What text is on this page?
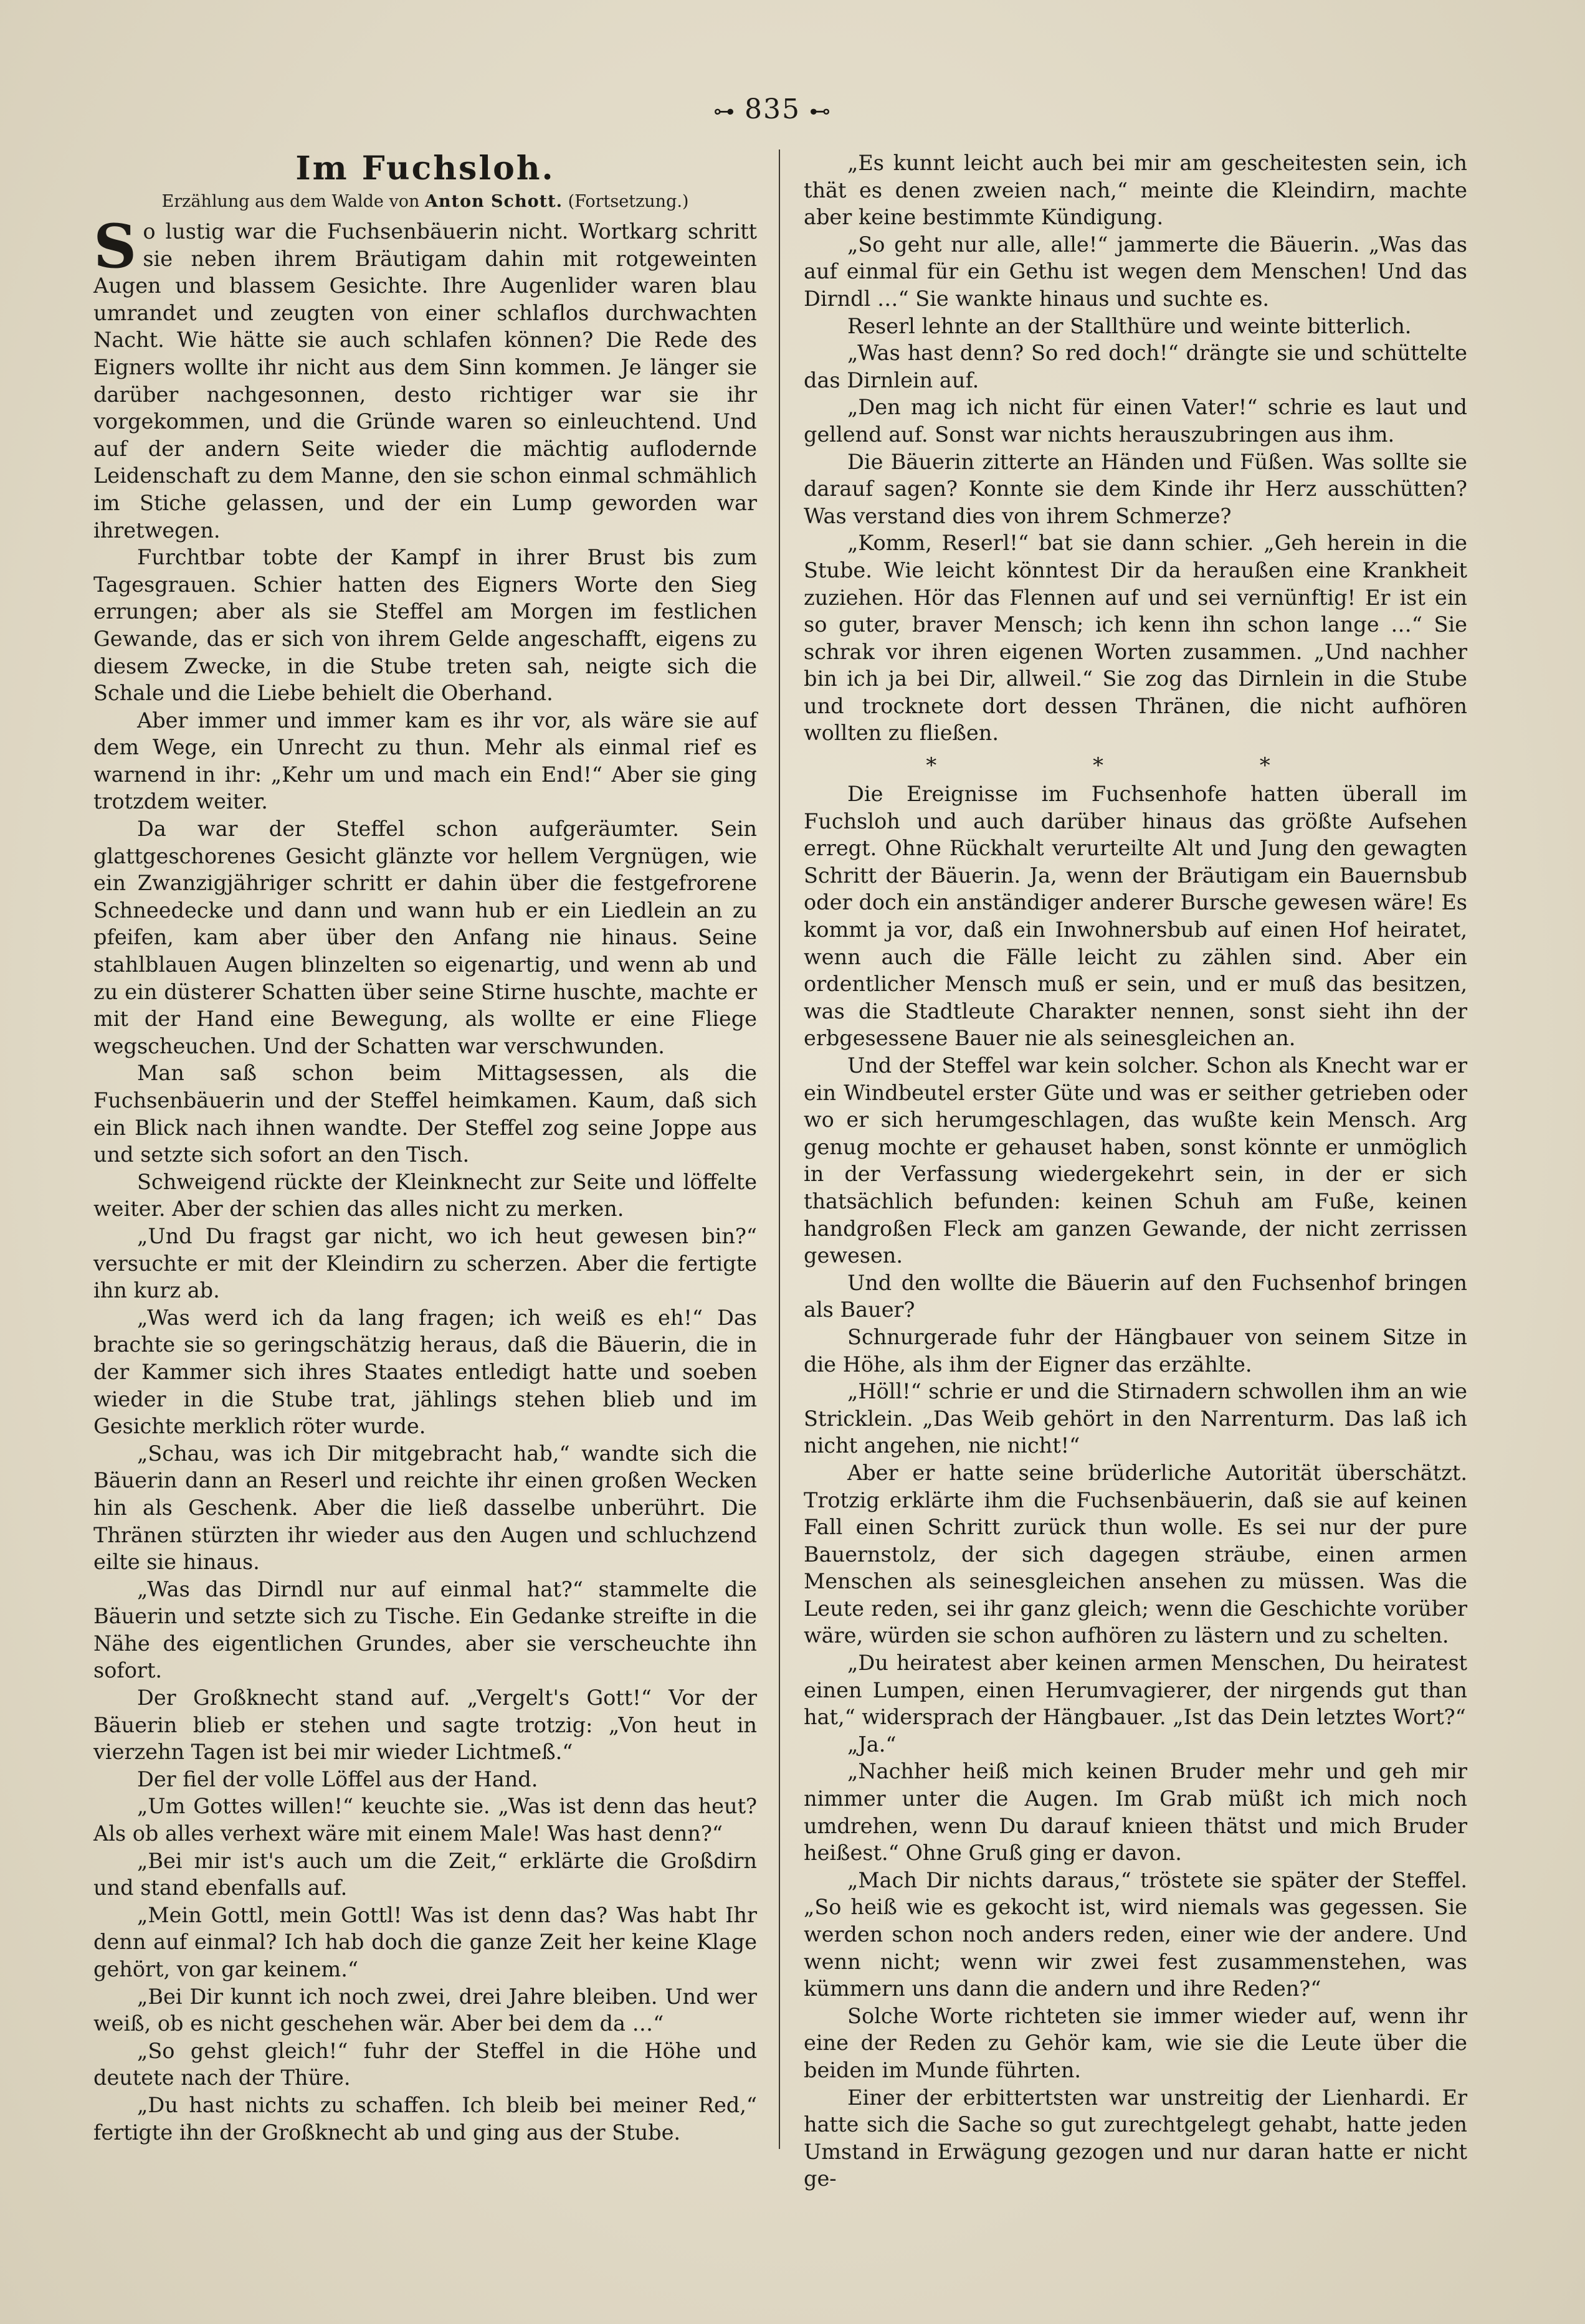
⊶ 835 ⊷
Im Fuchsloh.
Erzählung aus dem Walde von Anton Schott. (Fortsetzung.)

So lustig war die Fuchsenbäuerin nicht. Wortkarg schritt sie neben ihrem Bräutigam dahin mit rotgeweinten Augen und blassem Gesichte. Ihre Augenlider waren blau umrandet und zeugten von einer schlaflos durchwachten Nacht. Wie hätte sie auch schlafen können? Die Rede des Eigners wollte ihr nicht aus dem Sinn kommen. Je länger sie darüber nachgesonnen, desto richtiger war sie ihr vorgekommen, und die Gründe waren so einleuchtend. Und auf der andern Seite wieder die mächtig auflodernde Leidenschaft zu dem Manne, den sie schon einmal schmählich im Stiche gelassen, und der ein Lump geworden war ihretwegen.

Furchtbar tobte der Kampf in ihrer Brust bis zum Tagesgrauen. Schier hatten des Eigners Worte den Sieg errungen; aber als sie Steffel am Morgen im festlichen Gewande, das er sich von ihrem Gelde angeschafft, eigens zu diesem Zwecke, in die Stube treten sah, neigte sich die Schale und die Liebe behielt die Oberhand.

Aber immer und immer kam es ihr vor, als wäre sie auf dem Wege, ein Unrecht zu thun. Mehr als einmal rief es warnend in ihr: „Kehr um und mach ein End!“ Aber sie ging trotzdem weiter.

Da war der Steffel schon aufgeräumter. Sein glattgeschorenes Gesicht glänzte vor hellem Vergnügen, wie ein Zwanzigjähriger schritt er dahin über die festgefrorene Schneedecke und dann und wann hub er ein Liedlein an zu pfeifen, kam aber über den Anfang nie hinaus. Seine stahlblauen Augen blinzelten so eigenartig, und wenn ab und zu ein düsterer Schatten über seine Stirne huschte, machte er mit der Hand eine Bewegung, als wollte er eine Fliege wegscheuchen. Und der Schatten war verschwunden.

Man saß schon beim Mittagsessen, als die Fuchsenbäuerin und der Steffel heimkamen. Kaum, daß sich ein Blick nach ihnen wandte. Der Steffel zog seine Joppe aus und setzte sich sofort an den Tisch.

Schweigend rückte der Kleinknecht zur Seite und löffelte weiter. Aber der schien das alles nicht zu merken.

„Und Du fragst gar nicht, wo ich heut gewesen bin?“ versuchte er mit der Kleindirn zu scherzen. Aber die fertigte ihn kurz ab.

„Was werd ich da lang fragen; ich weiß es eh!“ Das brachte sie so geringschätzig heraus, daß die Bäuerin, die in der Kammer sich ihres Staates entledigt hatte und soeben wieder in die Stube trat, jählings stehen blieb und im Gesichte merklich röter wurde.

„Schau, was ich Dir mitgebracht hab,“ wandte sich die Bäuerin dann an Reserl und reichte ihr einen großen Wecken hin als Geschenk. Aber die ließ dasselbe unberührt. Die Thränen stürzten ihr wieder aus den Augen und schluchzend eilte sie hinaus.

„Was das Dirndl nur auf einmal hat?“ stammelte die Bäuerin und setzte sich zu Tische. Ein Gedanke streifte in die Nähe des eigentlichen Grundes, aber sie verscheuchte ihn sofort.

Der Großknecht stand auf. „Vergelt's Gott!“ Vor der Bäuerin blieb er stehen und sagte trotzig: „Von heut in vierzehn Tagen ist bei mir wieder Lichtmeß.“

Der fiel der volle Löffel aus der Hand.

„Um Gottes willen!“ keuchte sie. „Was ist denn das heut? Als ob alles verhext wäre mit einem Male! Was hast denn?“

„Bei mir ist's auch um die Zeit,“ erklärte die Großdirn und stand ebenfalls auf.

„Mein Gottl, mein Gottl! Was ist denn das? Was habt Ihr denn auf einmal? Ich hab doch die ganze Zeit her keine Klage gehört, von gar keinem.“

„Bei Dir kunnt ich noch zwei, drei Jahre bleiben. Und wer weiß, ob es nicht geschehen wär. Aber bei dem da …“

„So gehst gleich!“ fuhr der Steffel in die Höhe und deutete nach der Thüre.

„Du hast nichts zu schaffen. Ich bleib bei meiner Red,“ fertigte ihn der Großknecht ab und ging aus der Stube.

„Es kunnt leicht auch bei mir am gescheitesten sein, ich thät es denen zweien nach,“ meinte die Kleindirn, machte aber keine bestimmte Kündigung.

„So geht nur alle, alle!“ jammerte die Bäuerin. „Was das auf einmal für ein Gethu ist wegen dem Menschen! Und das Dirndl …“ Sie wankte hinaus und suchte es.

Reserl lehnte an der Stallthüre und weinte bitterlich.

„Was hast denn? So red doch!“ drängte sie und schüttelte das Dirnlein auf.

„Den mag ich nicht für einen Vater!“ schrie es laut und gellend auf. Sonst war nichts herauszubringen aus ihm.

Die Bäuerin zitterte an Händen und Füßen. Was sollte sie darauf sagen? Konnte sie dem Kinde ihr Herz ausschütten? Was verstand dies von ihrem Schmerze?

„Komm, Reserl!“ bat sie dann schier. „Geh herein in die Stube. Wie leicht könntest Dir da heraußen eine Krankheit zuziehen. Hör das Flennen auf und sei vernünftig! Er ist ein so guter, braver Mensch; ich kenn ihn schon lange …“ Sie schrak vor ihren eigenen Worten zusammen. „Und nachher bin ich ja bei Dir, allweil.“ Sie zog das Dirnlein in die Stube und trocknete dort dessen Thränen, die nicht aufhören wollten zu fließen.

* * *

Die Ereignisse im Fuchsenhofe hatten überall im Fuchsloh und auch darüber hinaus das größte Aufsehen erregt. Ohne Rückhalt verurteilte Alt und Jung den gewagten Schritt der Bäuerin. Ja, wenn der Bräutigam ein Bauernsbub oder doch ein anständiger anderer Bursche gewesen wäre! Es kommt ja vor, daß ein Inwohnersbub auf einen Hof heiratet, wenn auch die Fälle leicht zu zählen sind. Aber ein ordentlicher Mensch muß er sein, und er muß das besitzen, was die Stadtleute Charakter nennen, sonst sieht ihn der erbgesessene Bauer nie als seinesgleichen an.

Und der Steffel war kein solcher. Schon als Knecht war er ein Windbeutel erster Güte und was er seither getrieben oder wo er sich herumgeschlagen, das wußte kein Mensch. Arg genug mochte er gehauset haben, sonst könnte er unmöglich in der Verfassung wiedergekehrt sein, in der er sich thatsächlich befunden: keinen Schuh am Fuße, keinen handgroßen Fleck am ganzen Gewande, der nicht zerrissen gewesen.

Und den wollte die Bäuerin auf den Fuchsenhof bringen als Bauer?

Schnurgerade fuhr der Hängbauer von seinem Sitze in die Höhe, als ihm der Eigner das erzählte.

„Höll!“ schrie er und die Stirnadern schwollen ihm an wie Stricklein. „Das Weib gehört in den Narrenturm. Das laß ich nicht angehen, nie nicht!“

Aber er hatte seine brüderliche Autorität überschätzt. Trotzig erklärte ihm die Fuchsenbäuerin, daß sie auf keinen Fall einen Schritt zurück thun wolle. Es sei nur der pure Bauernstolz, der sich dagegen sträube, einen armen Menschen als seinesgleichen ansehen zu müssen. Was die Leute reden, sei ihr ganz gleich; wenn die Geschichte vorüber wäre, würden sie schon aufhören zu lästern und zu schelten.

„Du heiratest aber keinen armen Menschen, Du heiratest einen Lumpen, einen Herumvagierer, der nirgends gut than hat,“ widersprach der Hängbauer. „Ist das Dein letztes Wort?“

„Ja.“

„Nachher heiß mich keinen Bruder mehr und geh mir nimmer unter die Augen. Im Grab müßt ich mich noch umdrehen, wenn Du darauf knieen thätst und mich Bruder heißest.“ Ohne Gruß ging er davon.

„Mach Dir nichts daraus,“ tröstete sie später der Steffel. „So heiß wie es gekocht ist, wird niemals was gegessen. Sie werden schon noch anders reden, einer wie der andere. Und wenn nicht; wenn wir zwei fest zusammenstehen, was kümmern uns dann die andern und ihre Reden?“

Solche Worte richteten sie immer wieder auf, wenn ihr eine der Reden zu Gehör kam, wie sie die Leute über die beiden im Munde führten.

Einer der erbittertsten war unstreitig der Lienhardi. Er hatte sich die Sache so gut zurechtgelegt gehabt, hatte jeden Umstand in Erwägung gezogen und nur daran hatte er nicht ge-
